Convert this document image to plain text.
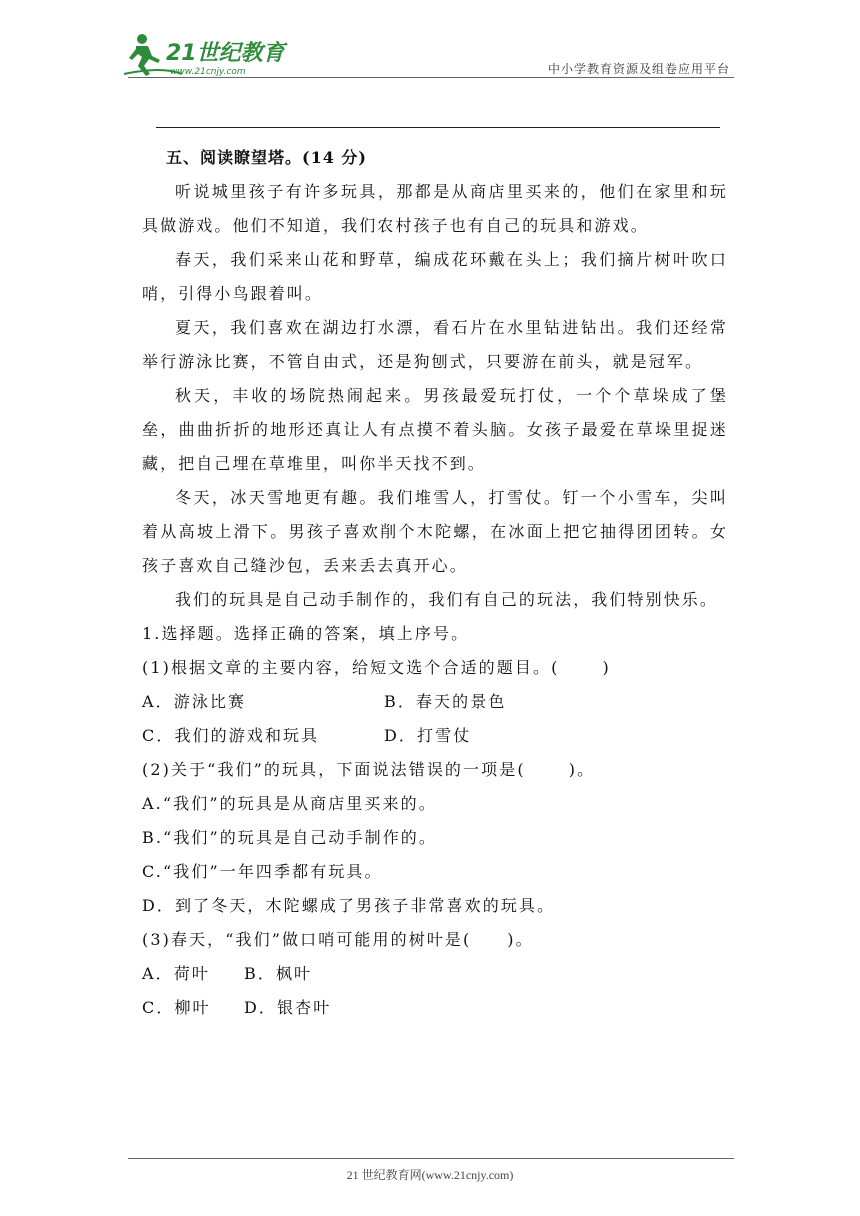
21世纪教育
www.21cnjy.com	中小学教育资源及组卷应用平台
五、阅读瞭望塔。(14 分)
听说城里孩子有许多玩具，那都是从商店里买来的，他们在家里和玩具做游戏。他们不知道，我们农村孩子也有自己的玩具和游戏。
春天，我们采来山花和野草，编成花环戴在头上；我们摘片树叶吹口哨，引得小鸟跟着叫。
夏天，我们喜欢在湖边打水漂，看石片在水里钻进钻出。我们还经常举行游泳比赛，不管自由式，还是狗刨式，只要游在前头，就是冠军。
秋天，丰收的场院热闹起来。男孩最爱玩打仗，一个个草垛成了堡垒，曲曲折折的地形还真让人有点摸不着头脑。女孩子最爱在草垛里捉迷藏，把自己埋在草堆里，叫你半天找不到。
冬天，冰天雪地更有趣。我们堆雪人，打雪仗。钉一个小雪车，尖叫着从高坡上滑下。男孩子喜欢削个木陀螺，在冰面上把它抽得团团转。女孩子喜欢自己缝沙包，丢来丢去真开心。
我们的玩具是自己动手制作的，我们有自己的玩法，我们特别快乐。
1.选择题。选择正确的答案，填上序号。
(1)根据文章的主要内容，给短文选个合适的题目。(      )
A．游泳比赛	B．春天的景色
C．我们的游戏和玩具	D．打雪仗
(2)关于“我们”的玩具，下面说法错误的一项是(      )。
A.“我们”的玩具是从商店里买来的。
B.“我们”的玩具是自己动手制作的。
C.“我们”一年四季都有玩具。
D．到了冬天，木陀螺成了男孩子非常喜欢的玩具。
(3)春天，“我们”做口哨可能用的树叶是(     )。
A．荷叶	B．枫叶
C．柳叶	D．银杏叶
21 世纪教育网(www.21cnjy.com)
